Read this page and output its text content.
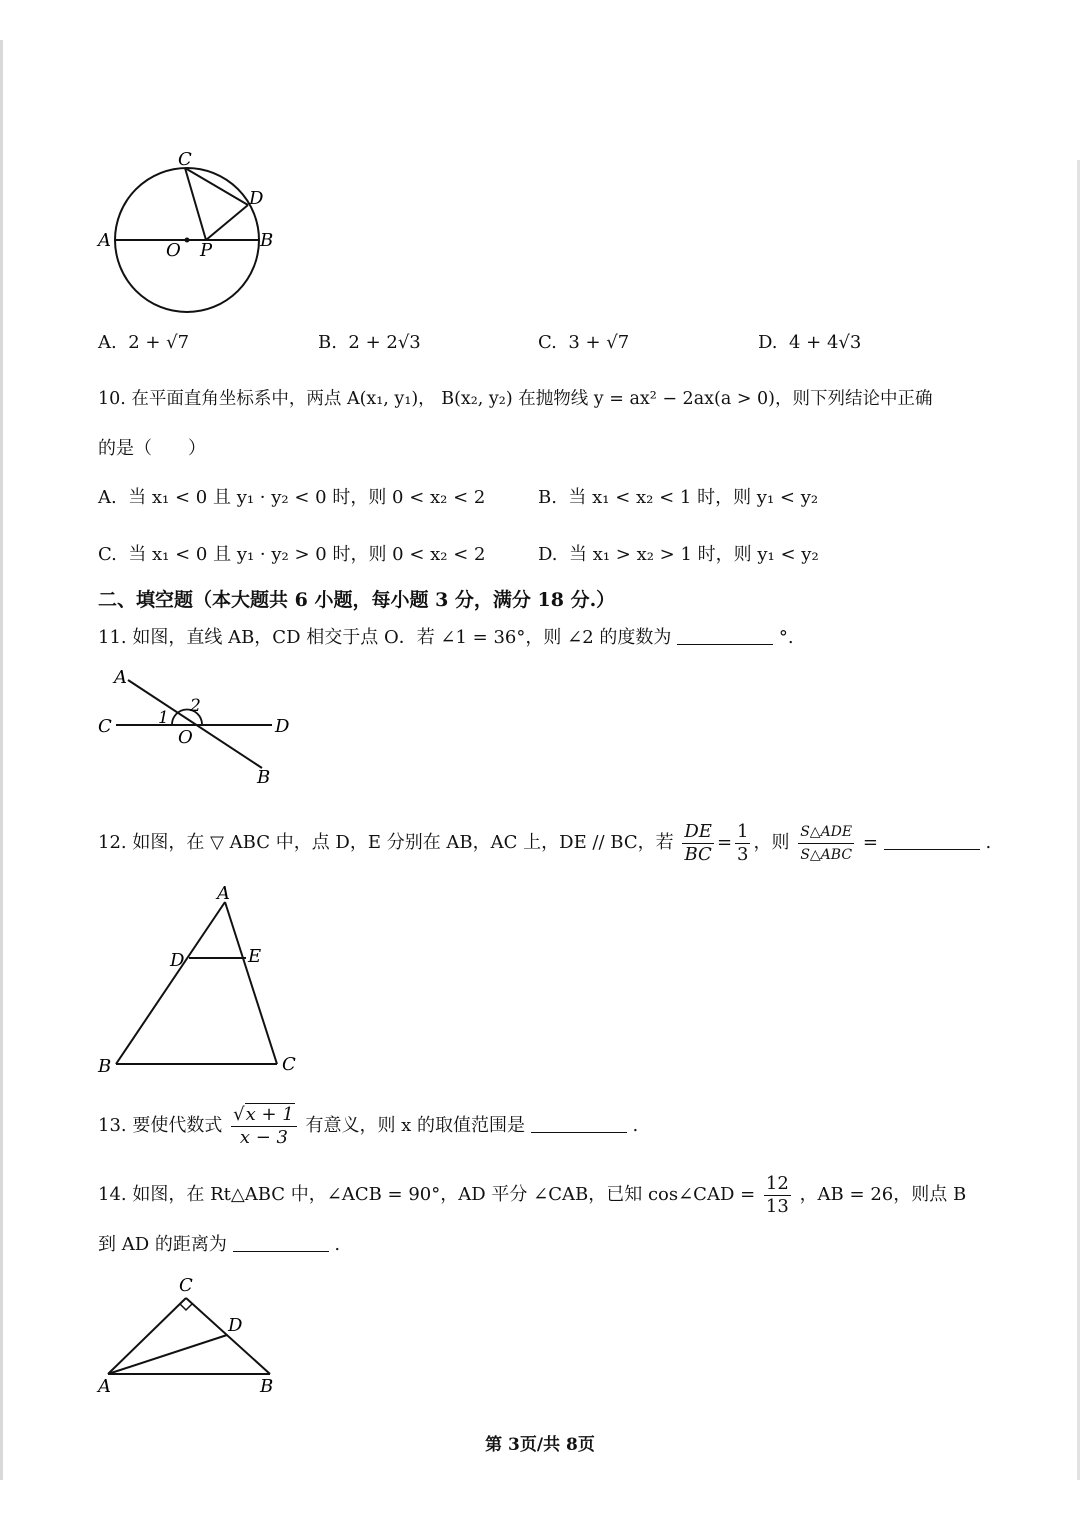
C
D
A	O P	B
A. 2 + √7	B. 2 + 2√3	C. 3 + √7	D. 4 + 4√3
10. 在平面直角坐标系中，两点 A(x₁, y₁)， B(x₂, y₂) 在抛物线 y = ax² − 2ax(a > 0)，则下列结论中正确
的是（　　）
A. 当 x₁ < 0 且 y₁ · y₂ < 0 时，则 0 < x₂ < 2	B. 当 x₁ < x₂ < 1 时，则 y₁ < y₂
C. 当 x₁ < 0 且 y₁ · y₂ > 0 时，则 0 < x₂ < 2	D. 当 x₁ > x₂ > 1 时，则 y₁ < y₂
二、填空题（本大题共 6 小题，每小题 3 分，满分 18 分.）
11. 如图，直线 AB，CD 相交于点 O．若 ∠1 = 36°，则 ∠2 的度数为	°.
A
2
C	1
O
D
B
12. 如图，在 ▽ ABC 中，点 D，E 分别在 AB，AC 上，DE // BC，若 $\frac{DE}{BC} = \frac{1}{3}$ ，则 $\frac{\text{S△ADE}}{\text{S△ABC}}$ =	.
A
D	E
B	C
13. 要使代数式 $\frac{√x + 1}{x - 3}$ 有意义，则 x 的取值范围是	.
14. 如图，在 Rt△ABC 中，∠ACB = 90°，AD 平分 ∠CAB，已知 cos∠CAD = $\frac{12}{13}$ ，AB = 26，则点 B
到 AD 的距离为	.
C
D
A	B
第 3页/共 8页
